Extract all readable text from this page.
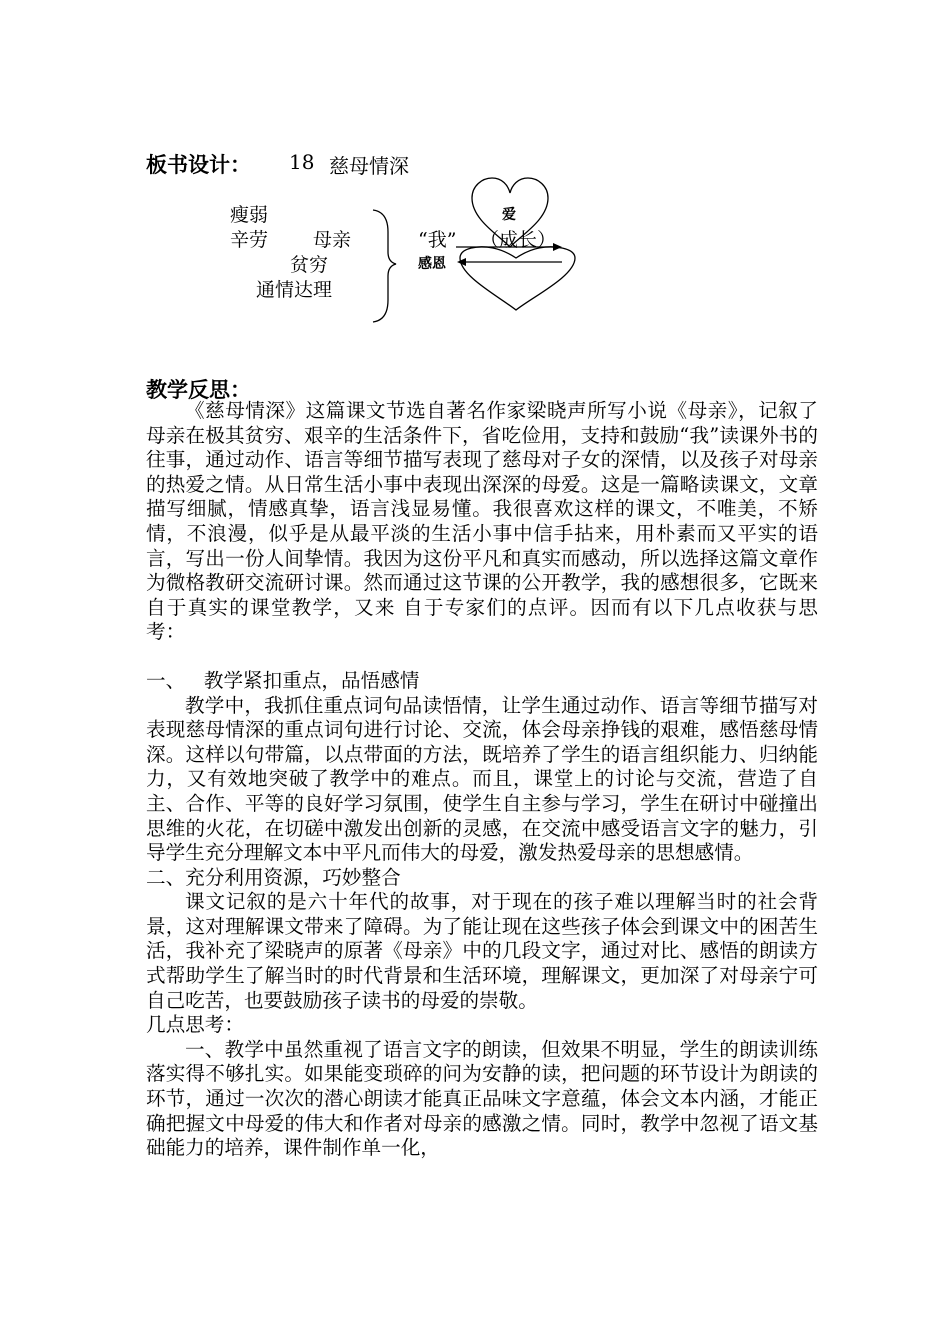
板书设计： 18 慈母情深
瘦弱
辛劳 母亲
贫穷
通情达理
爱
“我” （成长）
感恩
教学反思：

《慈母情深》这篇课文节选自著名作家梁晓声所写小说《母亲》，记叙了母亲在极其贫穷、艰辛的生活条件下，省吃俭用，支持和鼓励“我”读课外书的往事，通过动作、语言等细节描写表现了慈母对子女的深情，以及孩子对母亲的热爱之情。从日常生活小事中表现出深深的母爱。这是一篇略读课文，文章描写细腻，情感真挚，语言浅显易懂。我很喜欢这样的课文，不唯美，不矫情，不浪漫，似乎是从最平淡的生活小事中信手拈来，用朴素而又平实的语言，写出一份人间挚情。我因为这份平凡和真实而感动，所以选择这篇文章作为微格教研交流研讨课。然而通过这节课的公开教学，我的感想很多，它既来自于真实的课堂教学，又来 自于专家们的点评。因而有以下几点收获与思考：

一、   教学紧扣重点，品悟感情

教学中，我抓住重点词句品读悟情，让学生通过动作、语言等细节描写对表现慈母情深的重点词句进行讨论、交流，体会母亲挣钱的艰难，感悟慈母情深。这样以句带篇，以点带面的方法，既培养了学生的语言组织能力、归纳能力，又有效地突破了教学中的难点。而且，课堂上的讨论与交流，营造了自主、合作、平等的良好学习氛围，使学生自主参与学习，学生在研讨中碰撞出思维的火花，在切磋中激发出创新的灵感，在交流中感受语言文字的魅力，引导学生充分理解文本中平凡而伟大的母爱，激发热爱母亲的思想感情。

二、充分利用资源，巧妙整合

课文记叙的是六十年代的故事，对于现在的孩子难以理解当时的社会背景，这对理解课文带来了障碍。为了能让现在这些孩子体会到课文中的困苦生活，我补充了梁晓声的原著《母亲》中的几段文字，通过对比、感悟的朗读方式帮助学生了解当时的时代背景和生活环境，理解课文，更加深了对母亲宁可自己吃苦，也要鼓励孩子读书的母爱的崇敬。

几点思考：

一、教学中虽然重视了语言文字的朗读，但效果不明显，学生的朗读训练落实得不够扎实。如果能变琐碎的问为安静的读，把问题的环节设计为朗读的环节，通过一次次的潜心朗读才能真正品味文字意蕴，体会文本内涵，才能正确把握文中母爱的伟大和作者对母亲的感激之情。同时，教学中忽视了语文基础能力的培养，课件制作单一化，
